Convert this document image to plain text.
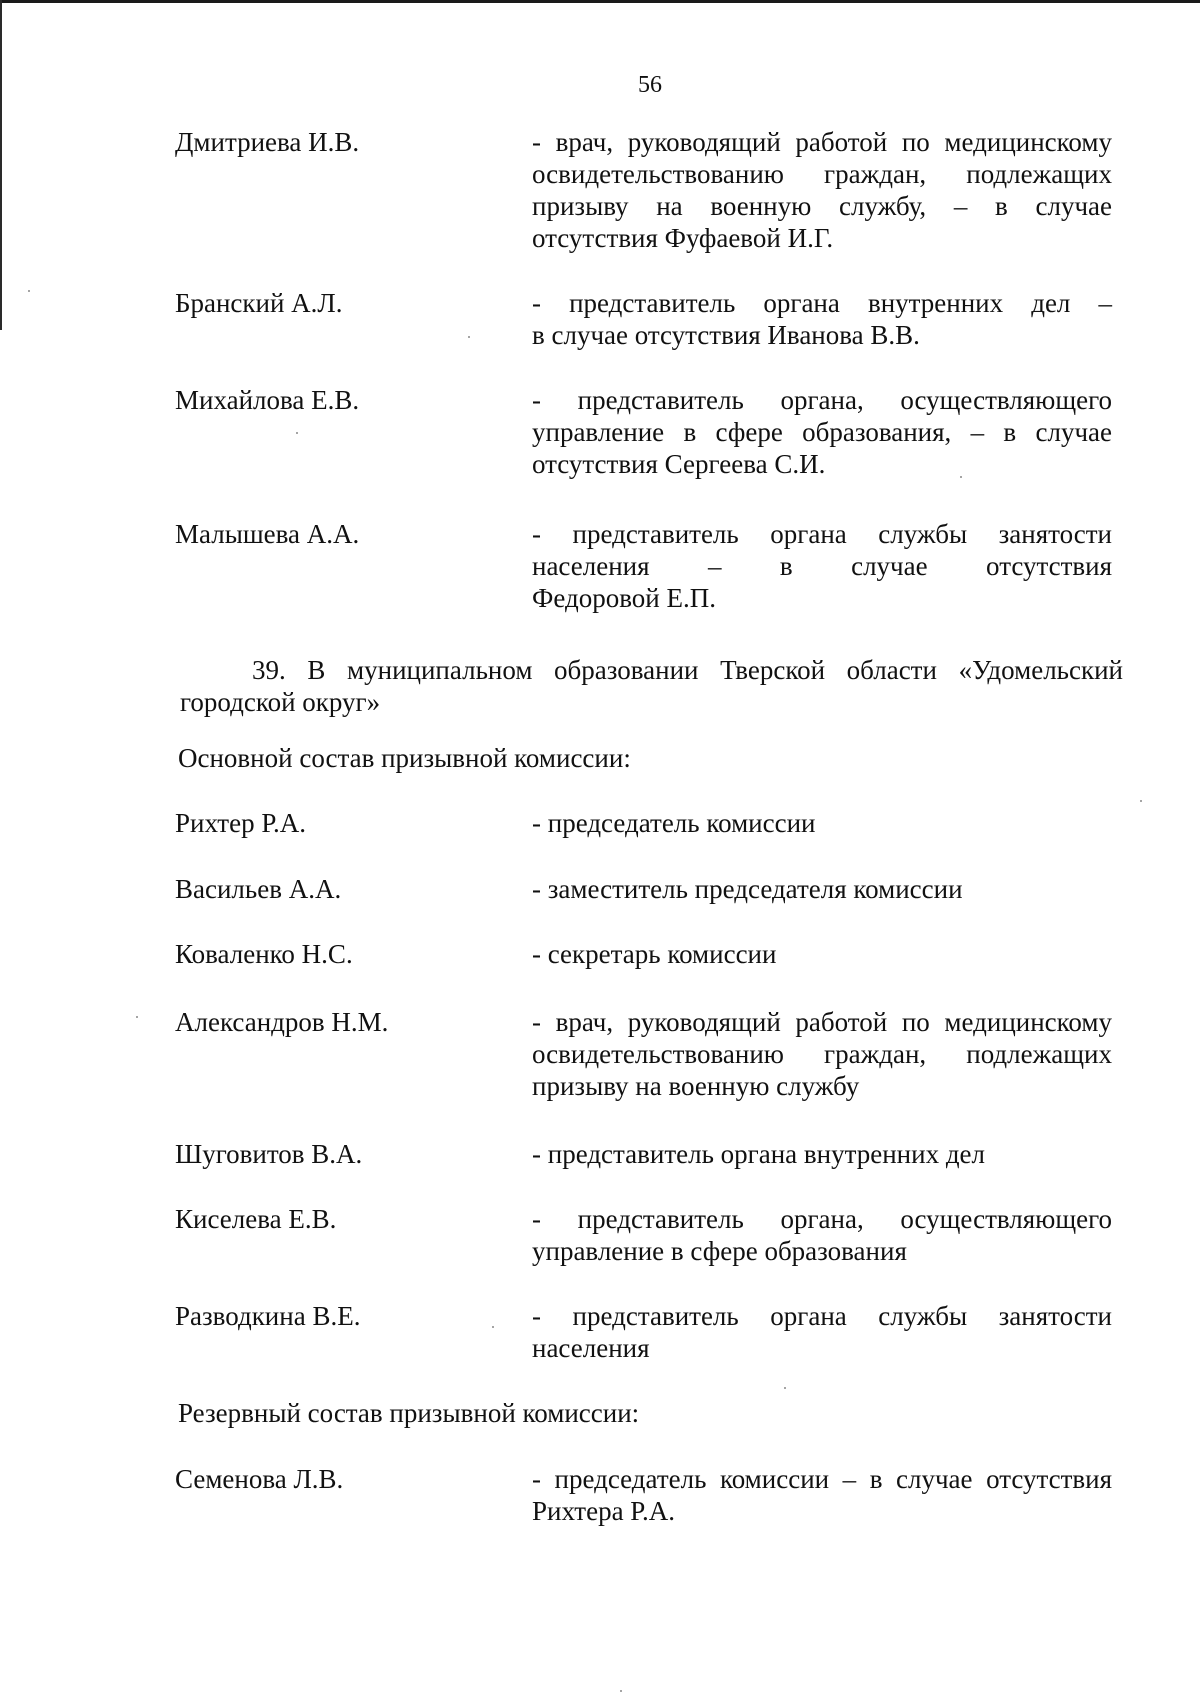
56
Дмитриева И.В.	- врач, руководящий работой по медицинскому
освидетельствованию граждан, подлежащих
призыву на военную службу, – в случае
отсутствия Фуфаевой И.Г.
Бранский А.Л.	- представитель органа внутренних дел –
в случае отсутствия Иванова В.В.
Михайлова Е.В.	- представитель органа, осуществляющего
управление в сфере образования, – в случае
отсутствия Сергеева С.И.
Малышева А.А.	- представитель органа службы занятости
населения – в случае отсутствия
Федоровой Е.П.
39. В муниципальном образовании Тверской области «Удомельский
городской округ»
Основной состав призывной комиссии:
Рихтер Р.А.	- председатель комиссии
Васильев А.А.	- заместитель председателя комиссии
Коваленко Н.С.	- секретарь комиссии
Александров Н.М.	- врач, руководящий работой по медицинскому
освидетельствованию граждан, подлежащих
призыву на военную службу
Шуговитов В.А.	- представитель органа внутренних дел
Киселева Е.В.	- представитель органа, осуществляющего
управление в сфере образования
Разводкина В.Е.	- представитель органа службы занятости
населения
Резервный состав призывной комиссии:
Семенова Л.В.	- председатель комиссии – в случае отсутствия
Рихтера Р.А.
